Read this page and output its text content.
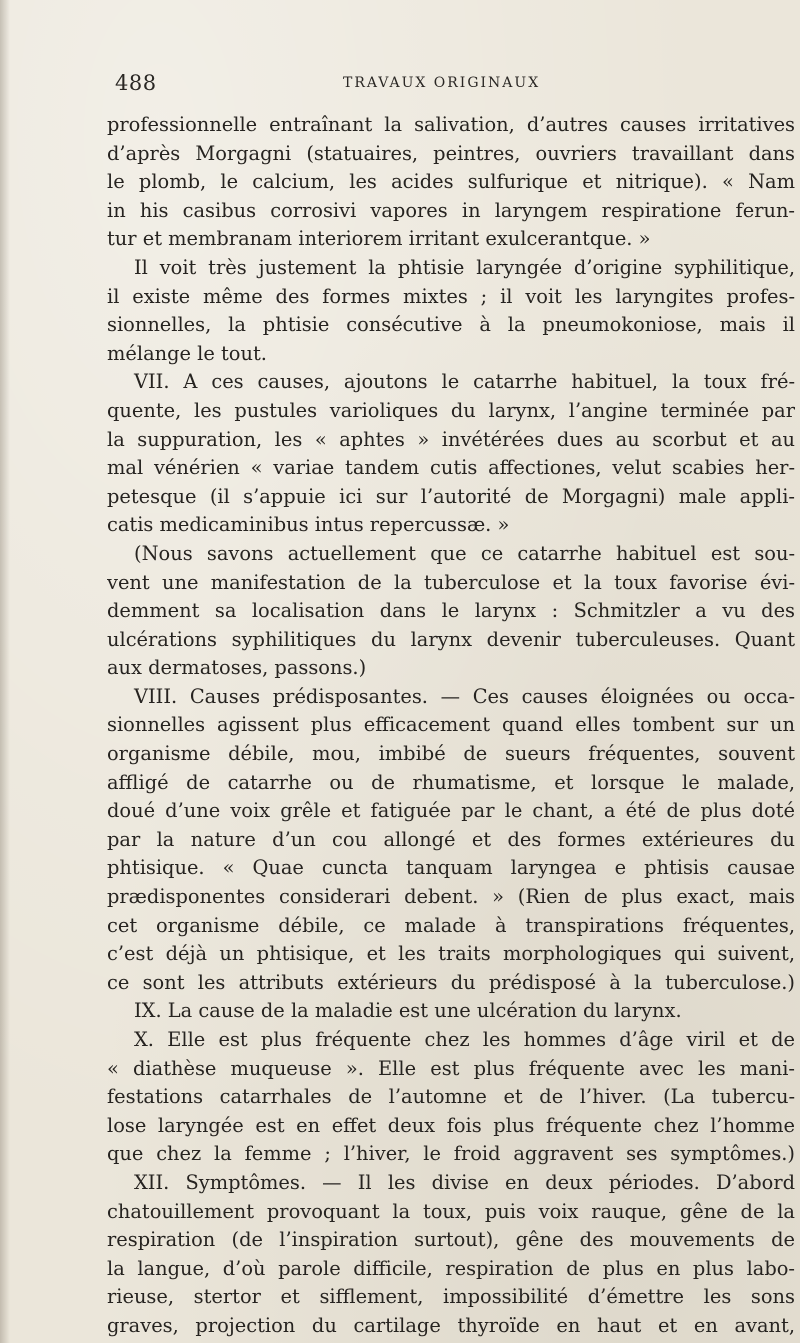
488	TRAVAUX ORIGINAUX
professionnelle entraînant la salivation, d’autres causes irritatives
d’après Morgagni (statuaires, peintres, ouvriers travaillant dans
le plomb, le calcium, les acides sulfurique et nitrique). « Nam
in his casibus corrosivi vapores in laryngem respiratione ferun-
tur et membranam interiorem irritant exulcerantque. »
Il voit très justement la phtisie laryngée d’origine syphilitique,
il existe même des formes mixtes ; il voit les laryngites profes-
sionnelles, la phtisie consécutive à la pneumokoniose, mais il
mélange le tout.
VII. A ces causes, ajoutons le catarrhe habituel, la toux fré-
quente, les pustules varioliques du larynx, l’angine terminée par
la suppuration, les « aphtes » invétérées dues au scorbut et au
mal vénérien « variae tandem cutis affectiones, velut scabies her-
petesque (il s’appuie ici sur l’autorité de Morgagni) male appli-
catis medicaminibus intus repercussæ. »
(Nous savons actuellement que ce catarrhe habituel est sou-
vent une manifestation de la tuberculose et la toux favorise évi-
demment sa localisation dans le larynx : Schmitzler a vu des
ulcérations syphilitiques du larynx devenir tuberculeuses. Quant
aux dermatoses, passons.)
VIII. Causes prédisposantes. — Ces causes éloignées ou occa-
sionnelles agissent plus efficacement quand elles tombent sur un
organisme débile, mou, imbibé de sueurs fréquentes, souvent
affligé de catarrhe ou de rhumatisme, et lorsque le malade,
doué d’une voix grêle et fatiguée par le chant, a été de plus doté
par la nature d’un cou allongé et des formes extérieures du
phtisique. « Quae cuncta tanquam laryngea e phtisis causae
prædisponentes considerari debent. » (Rien de plus exact, mais
cet organisme débile, ce malade à transpirations fréquentes,
c’est déjà un phtisique, et les traits morphologiques qui suivent,
ce sont les attributs extérieurs du prédisposé à la tuberculose.)
IX. La cause de la maladie est une ulcération du larynx.
X. Elle est plus fréquente chez les hommes d’âge viril et de
« diathèse muqueuse ». Elle est plus fréquente avec les mani-
festations catarrhales de l’automne et de l’hiver. (La tubercu-
lose laryngée est en effet deux fois plus fréquente chez l’homme
que chez la femme ; l’hiver, le froid aggravent ses symptômes.)
XII. Symptômes. — Il les divise en deux périodes. D’abord
chatouillement provoquant la toux, puis voix rauque, gêne de la
respiration (de l’inspiration surtout), gêne des mouvements de
la langue, d’où parole difficile, respiration de plus en plus labo-
rieuse, stertor et sifflement, impossibilité d’émettre les sons
graves, projection du cartilage thyroïde en haut et en avant,
